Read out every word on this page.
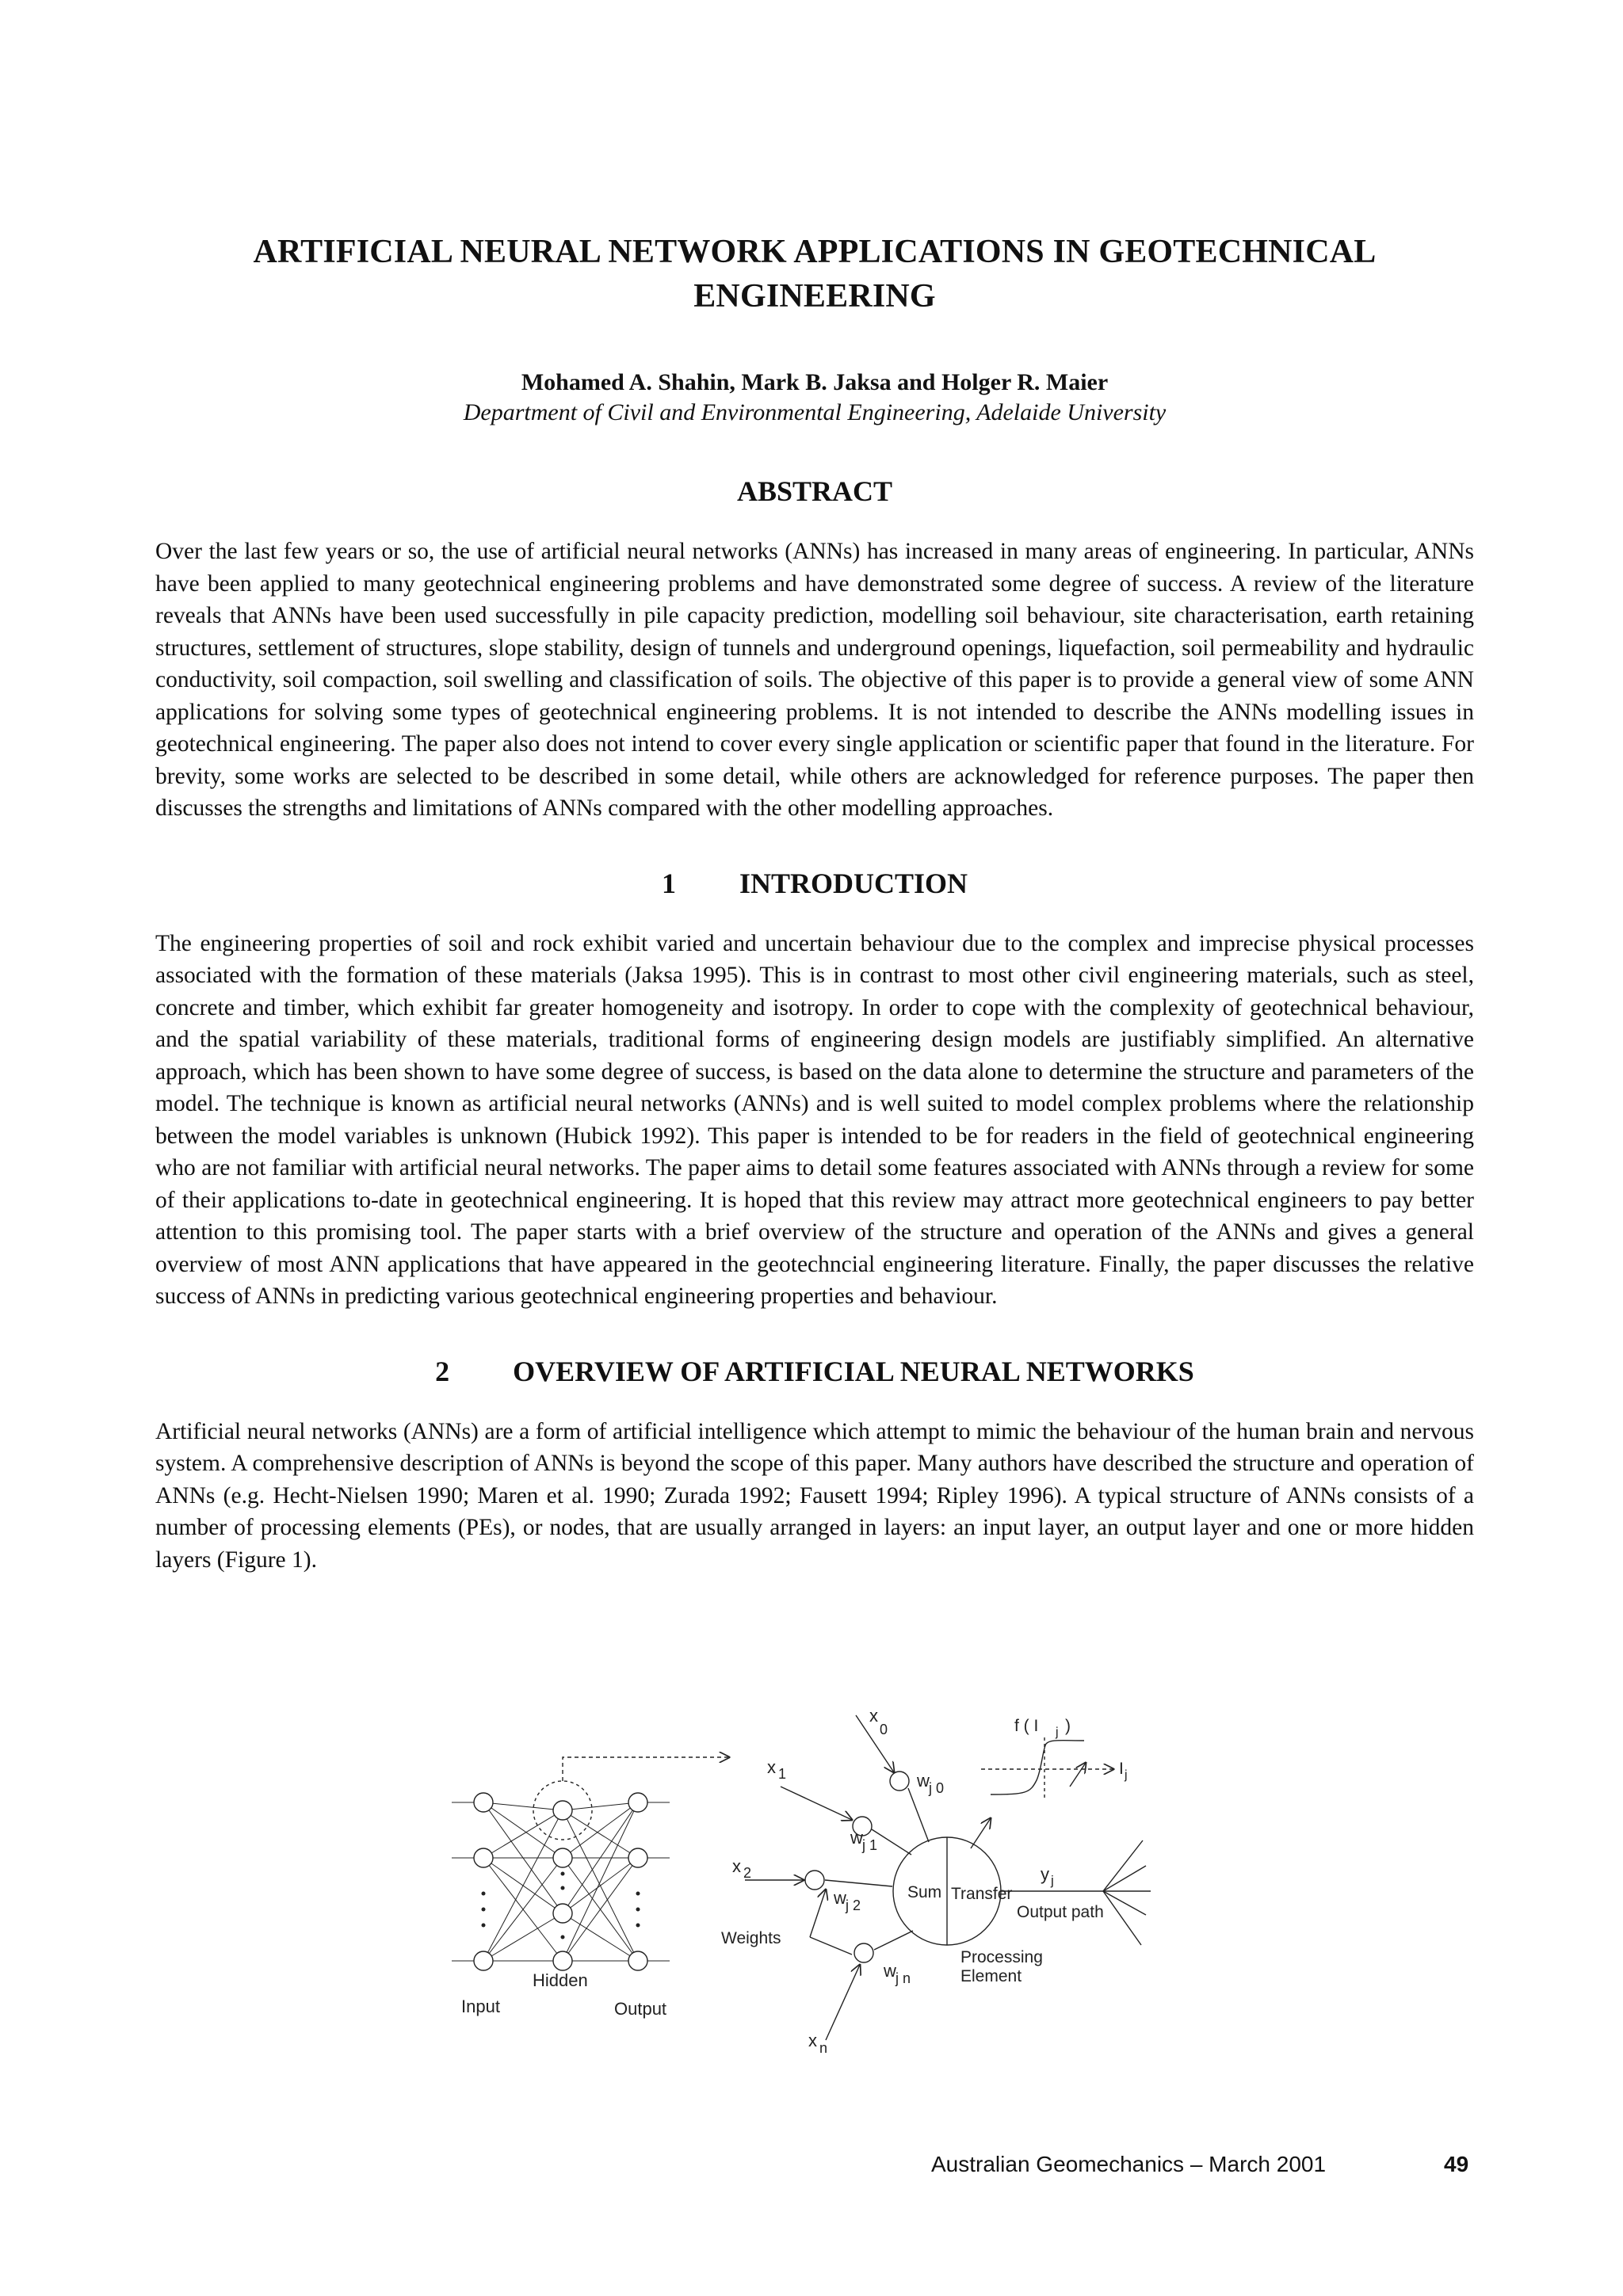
ARTIFICIAL NEURAL NETWORK APPLICATIONS IN GEOTECHNICAL ENGINEERING
Mohamed A. Shahin, Mark B. Jaksa and Holger R. Maier
Department of Civil and Environmental Engineering, Adelaide University
ABSTRACT

Over the last few years or so, the use of artificial neural networks (ANNs) has increased in many areas of engineering. In particular, ANNs have been applied to many geotechnical engineering problems and have demonstrated some degree of success. A review of the literature reveals that ANNs have been used successfully in pile capacity prediction, modelling soil behaviour, site characterisation, earth retaining structures, settlement of structures, slope stability, design of tunnels and underground openings, liquefaction, soil permeability and hydraulic conductivity, soil compaction, soil swelling and classification of soils. The objective of this paper is to provide a general view of some ANN applications for solving some types of geotechnical engineering problems. It is not intended to describe the ANNs modelling issues in geotechnical engineering. The paper also does not intend to cover every single application or scientific paper that found in the literature. For brevity, some works are selected to be described in some detail, while others are acknowledged for reference purposes. The paper then discusses the strengths and limitations of ANNs compared with the other modelling approaches.

1 INTRODUCTION

The engineering properties of soil and rock exhibit varied and uncertain behaviour due to the complex and imprecise physical processes associated with the formation of these materials (Jaksa 1995). This is in contrast to most other civil engineering materials, such as steel, concrete and timber, which exhibit far greater homogeneity and isotropy. In order to cope with the complexity of geotechnical behaviour, and the spatial variability of these materials, traditional forms of engineering design models are justifiably simplified. An alternative approach, which has been shown to have some degree of success, is based on the data alone to determine the structure and parameters of the model. The technique is known as artificial neural networks (ANNs) and is well suited to model complex problems where the relationship between the model variables is unknown (Hubick 1992). This paper is intended to be for readers in the field of geotechnical engineering who are not familiar with artificial neural networks. The paper aims to detail some features associated with ANNs through a review for some of their applications to-date in geotechnical engineering. It is hoped that this review may attract more geotechnical engineers to pay better attention to this promising tool. The paper starts with a brief overview of the structure and operation of the ANNs and gives a general overview of most ANN applications that have appeared in the geotechncial engineering literature. Finally, the paper discusses the relative success of ANNs in predicting various geotechnical engineering properties and behaviour.

2 OVERVIEW OF ARTIFICIAL NEURAL NETWORKS

Artificial neural networks (ANNs) are a form of artificial intelligence which attempt to mimic the behaviour of the human brain and nervous system. A comprehensive description of ANNs is beyond the scope of this paper. Many authors have described the structure and operation of ANNs (e.g. Hecht-Nielsen 1990; Maren et al. 1990; Zurada 1992; Fausett 1994; Ripley 1996). A typical structure of ANNs consists of a number of processing elements (PEs), or nodes, that are usually arranged in layers: an input layer, an output layer and one or more hidden layers (Figure 1).

Input
Hidden
Output
x
0
x 1
x 2
x n
w j 0
w j 1
w j 2
w j n
Weights
Sum Transfer
y j
Output path
Processing
Element
f ( I j )
I j
Australian Geomechanics – March 2001	49
